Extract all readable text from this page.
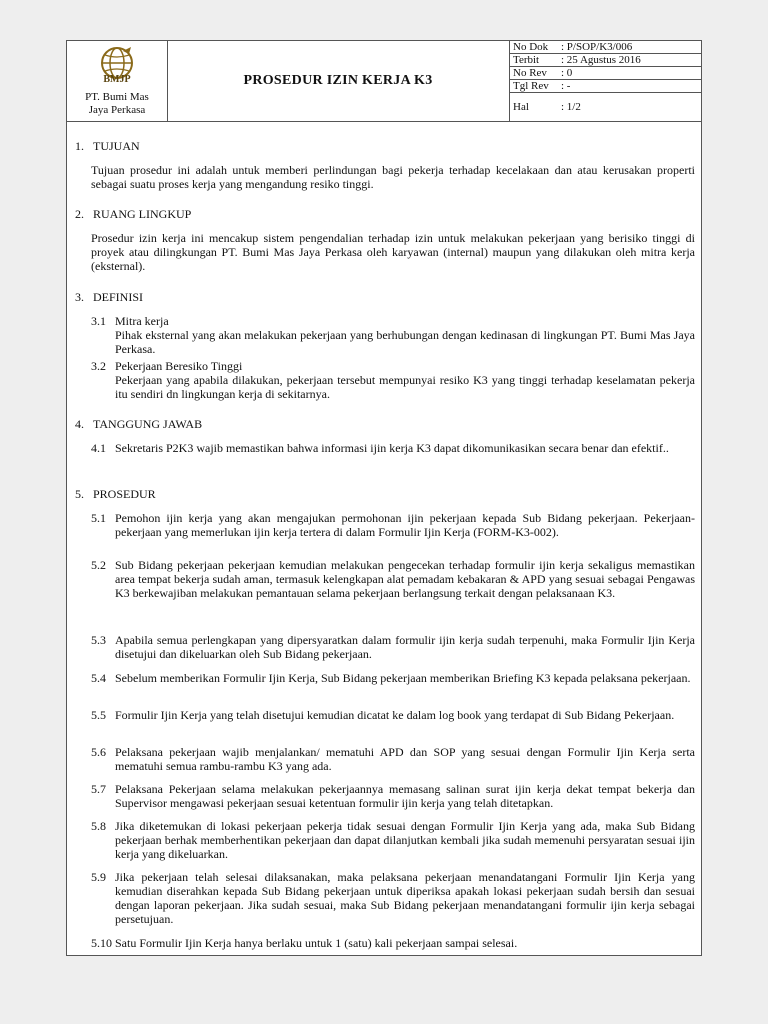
BMJP
PT. Bumi Mas
Jaya Perkasa
PROSEDUR IZIN KERJA K3
No Dok : P/SOP/K3/006
Terbit : 25 Agustus 2016
No Rev : 0
Tgl Rev : -
Hal	: 1/2
1. TUJUAN
Tujuan prosedur ini adalah untuk memberi perlindungan bagi pekerja terhadap kecelakaan dan atau kerusakan properti sebagai suatu proses kerja yang mengandung resiko tinggi.
2. RUANG LINGKUP
Prosedur izin kerja ini mencakup sistem pengendalian terhadap izin untuk melakukan pekerjaan yang berisiko tinggi di proyek atau dilingkungan PT. Bumi Mas Jaya Perkasa oleh karyawan (internal) maupun yang dilakukan oleh mitra kerja (eksternal).
3. DEFINISI
3.1 Mitra kerja
Pihak eksternal yang akan melakukan pekerjaan yang berhubungan dengan kedinasan di lingkungan PT. Bumi Mas Jaya Perkasa.
3.2 Pekerjaan Beresiko Tinggi
Pekerjaan yang apabila dilakukan, pekerjaan tersebut mempunyai resiko K3 yang tinggi terhadap keselamatan pekerja itu sendiri dn lingkungan kerja di sekitarnya.
4. TANGGUNG JAWAB
4.1 Sekretaris P2K3 wajib memastikan bahwa informasi ijin kerja K3 dapat dikomunikasikan secara benar dan efektif..
5. PROSEDUR
5.1 Pemohon ijin kerja yang akan mengajukan permohonan ijin pekerjaan kepada Sub Bidang pekerjaan. Pekerjaan-pekerjaan yang memerlukan ijin kerja tertera di dalam Formulir Ijin Kerja (FORM-K3-002).
5.2 Sub Bidang pekerjaan pekerjaan kemudian melakukan pengecekan terhadap formulir ijin kerja sekaligus memastikan area tempat bekerja sudah aman, termasuk kelengkapan alat pemadam kebakaran & APD yang sesuai sebagai Pengawas K3 berkewajiban melakukan pemantauan selama pekerjaan berlangsung terkait dengan pelaksanaan K3.
5.3 Apabila semua perlengkapan yang dipersyaratkan dalam formulir ijin kerja sudah terpenuhi, maka Formulir Ijin Kerja disetujui dan dikeluarkan oleh Sub Bidang pekerjaan.
5.4 Sebelum memberikan Formulir Ijin Kerja, Sub Bidang pekerjaan memberikan Briefing K3 kepada pelaksana pekerjaan.
5.5 Formulir Ijin Kerja yang telah disetujui kemudian dicatat ke dalam log book yang terdapat di Sub Bidang Pekerjaan.
5.6 Pelaksana pekerjaan wajib menjalankan/ mematuhi APD dan SOP yang sesuai dengan Formulir Ijin Kerja serta mematuhi semua rambu-rambu K3 yang ada.
5.7 Pelaksana Pekerjaan selama melakukan pekerjaannya memasang salinan surat ijin kerja dekat tempat bekerja dan Supervisor mengawasi pekerjaan sesuai ketentuan formulir ijin kerja yang telah ditetapkan.
5.8 Jika diketemukan di lokasi pekerjaan pekerja tidak sesuai dengan Formulir Ijin Kerja yang ada, maka Sub Bidang pekerjaan berhak memberhentikan pekerjaan dan dapat dilanjutkan kembali jika sudah memenuhi persyaratan sesuai ijin kerja yang dikeluarkan.
5.9 Jika pekerjaan telah selesai dilaksanakan, maka pelaksana pekerjaan menandatangani Formulir Ijin Kerja yang kemudian diserahkan kepada Sub Bidang pekerjaan untuk diperiksa apakah lokasi pekerjaan sudah bersih dan sesuai dengan laporan pekerjaan. Jika sudah sesuai, maka Sub Bidang pekerjaan menandatangani formulir ijin kerja sebagai persetujuan.
5.10 Satu Formulir Ijin Kerja hanya berlaku untuk 1 (satu) kali pekerjaan sampai selesai.
